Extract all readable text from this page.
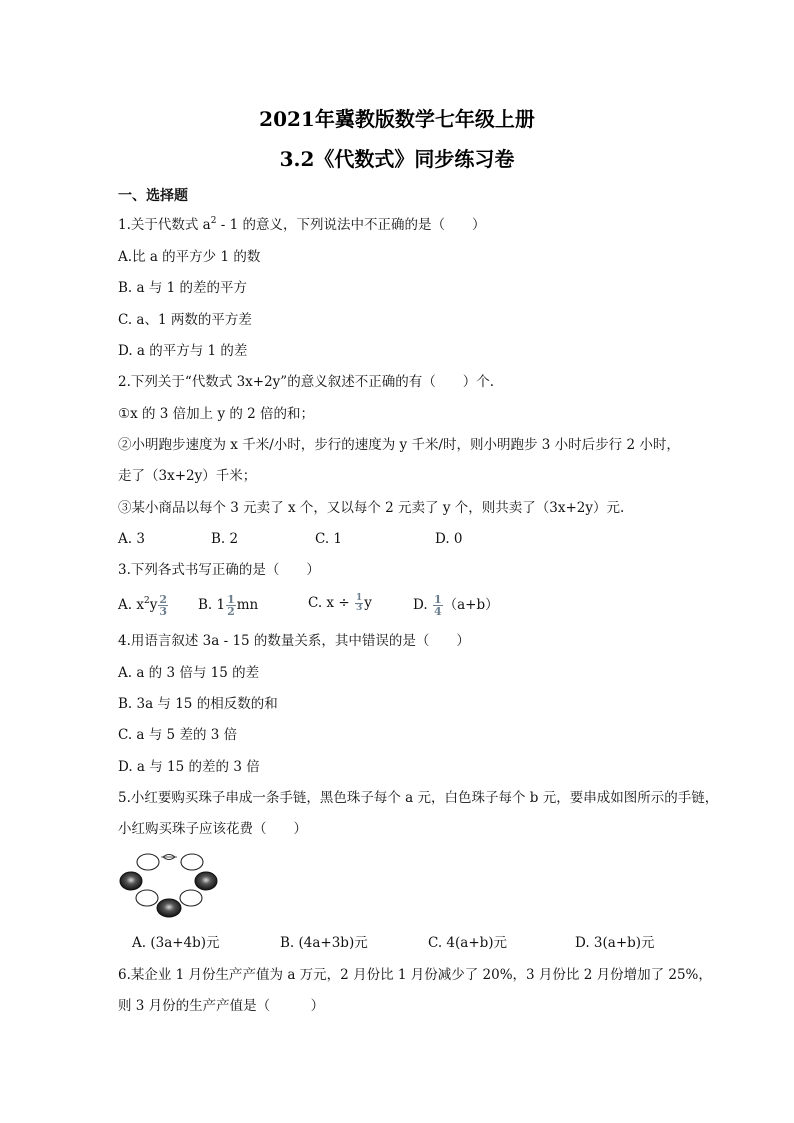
2021年冀教版数学七年级上册
3.2《代数式》同步练习卷
一、选择题
1.关于代数式 $a^2 - 1$ 的意义，下列说法中不正确的是（　　）
A.比 a 的平方少 1 的数
B. a 与 1 的差的平方
C. a、1 两数的平方差
D. a 的平方与 1 的差
2.下列关于“代数式 3x+2y”的意义叙述不正确的有（　　）个.
①x 的 3 倍加上 y 的 2 倍的和；
②小明跑步速度为 x 千米/小时，步行的速度为 y 千米/时，则小明跑步 3 小时后步行 2 小时，
走了（3x+2y）千米；
③某小商品以每个 3 元卖了 x 个，又以每个 2 元卖了 y 个，则共卖了（3x+2y）元.
A. 3	B. 2	C. 1	D. 0
3.下列各式书写正确的是（　　）
A. $x^2y \frac{2}{3} B$. $1 \frac{1}{2}$ mn	C. $x \div \frac{1}{3}$ y	D. $\frac{1}{4} (a+b)$
4.用语言叙述 3a - 15 的数量关系，其中错误的是（　　）
A. a 的 3 倍与 15 的差
B. 3a 与 15 的相反数的和
C. a 与 5 差的 3 倍
D. a 与 15 的差的 3 倍
5.小红要购买珠子串成一条手链，黑色珠子每个 a 元，白色珠子每个 b 元，要串成如图所示的手链，
小红购买珠子应该花费（　　）
A. (3a+4b)元	B. (4a+3b)元	C. 4(a+b)元	D. 3(a+b)元
6.某企业 1 月份生产产值为 a 万元，2 月份比 1 月份减少了 20%，3 月份比 2 月份增加了 25%，
则 3 月份的生产产值是（　　　）
